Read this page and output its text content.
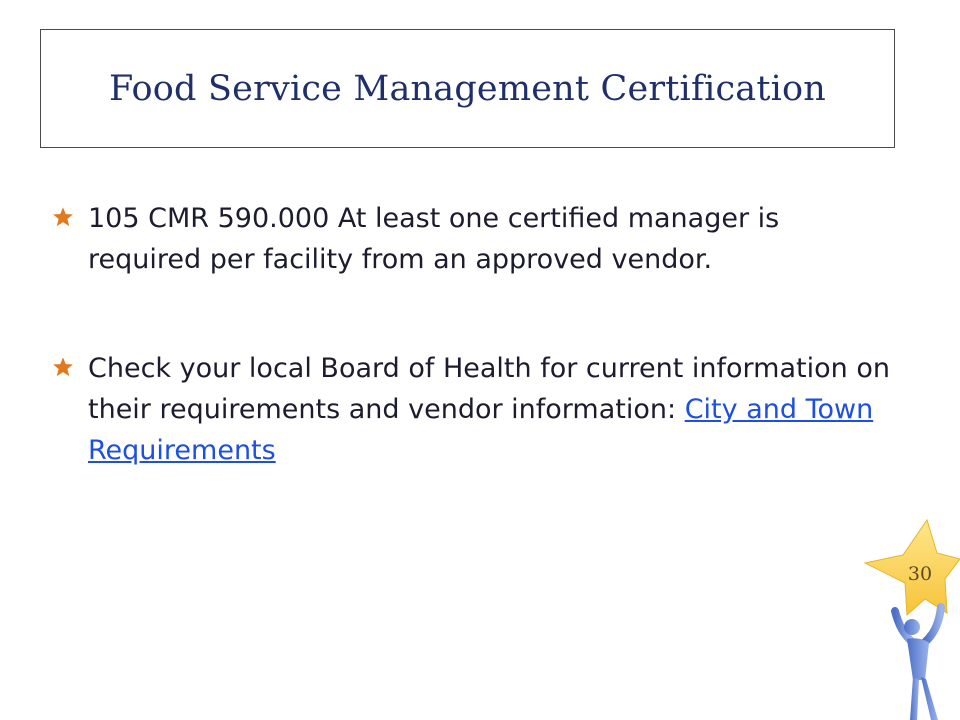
Food Service Management Certification
105 CMR 590.000 At least one certified manager is required per facility from an approved vendor.
Check your local Board of Health for current information on their requirements and vendor information: City and Town Requirements
30
